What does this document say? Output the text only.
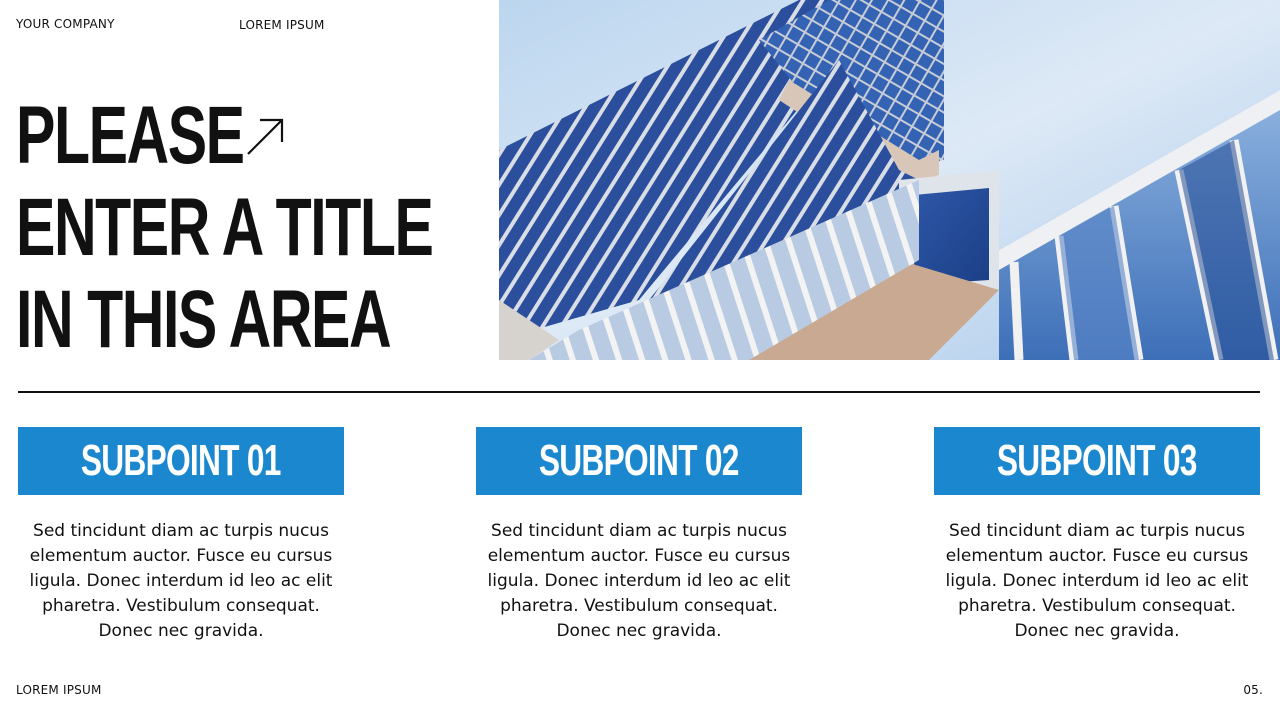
YOUR COMPANY	LOREM IPSUM
PLEASE
ENTER A TITLE
IN THIS AREA
SUBPOINT 01
Sed tincidunt diam ac turpis nucus elementum auctor. Fusce eu cursus ligula. Donec interdum id leo ac elit pharetra. Vestibulum consequat. Donec nec gravida.
SUBPOINT 02
Sed tincidunt diam ac turpis nucus elementum auctor. Fusce eu cursus ligula. Donec interdum id leo ac elit pharetra. Vestibulum consequat. Donec nec gravida.
SUBPOINT 03
Sed tincidunt diam ac turpis nucus elementum auctor. Fusce eu cursus ligula. Donec interdum id leo ac elit pharetra. Vestibulum consequat. Donec nec gravida.
LOREM IPSUM	05.
